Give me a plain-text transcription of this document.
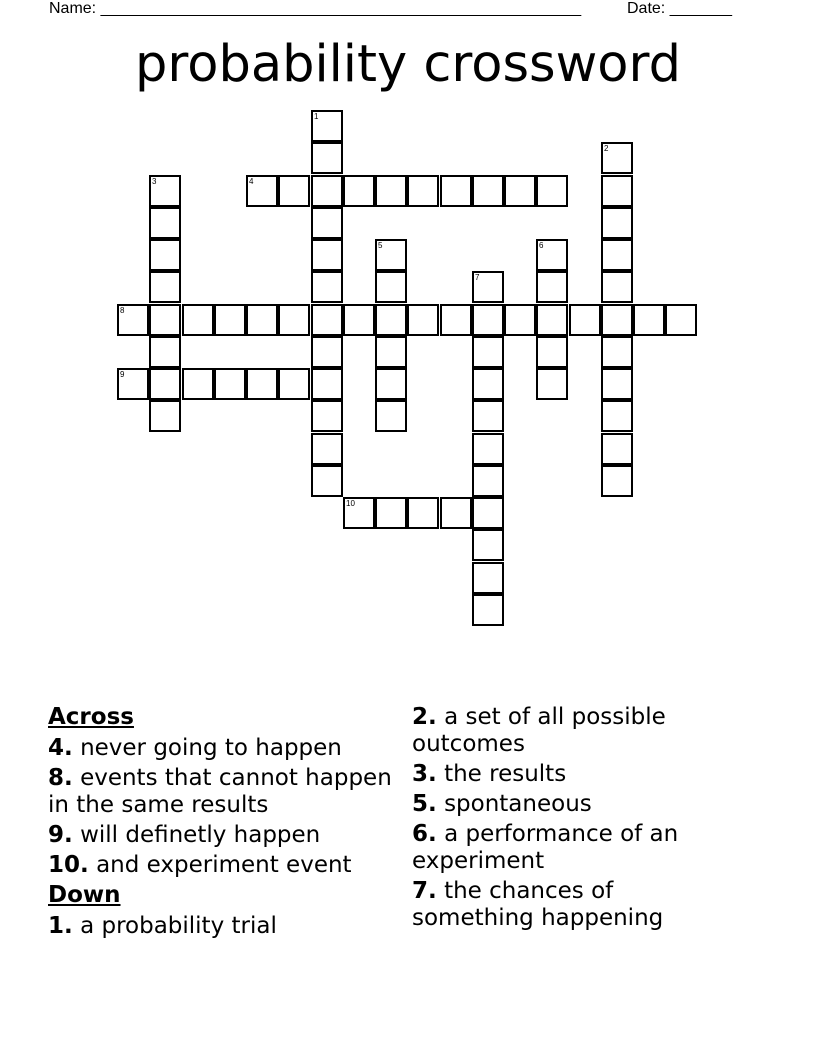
Name: ______________________________________________________	Date: _______
probability crossword
1
2
3	4
5	6
7
8
9
10
Across
4. never going to happen
8. events that cannot happen in the same results
9. will definetly happen
10. and experiment event
Down
1. a probability trial
2. a set of all possible outcomes
3. the results
5. spontaneous
6. a performance of an experiment
7. the chances of something happening
